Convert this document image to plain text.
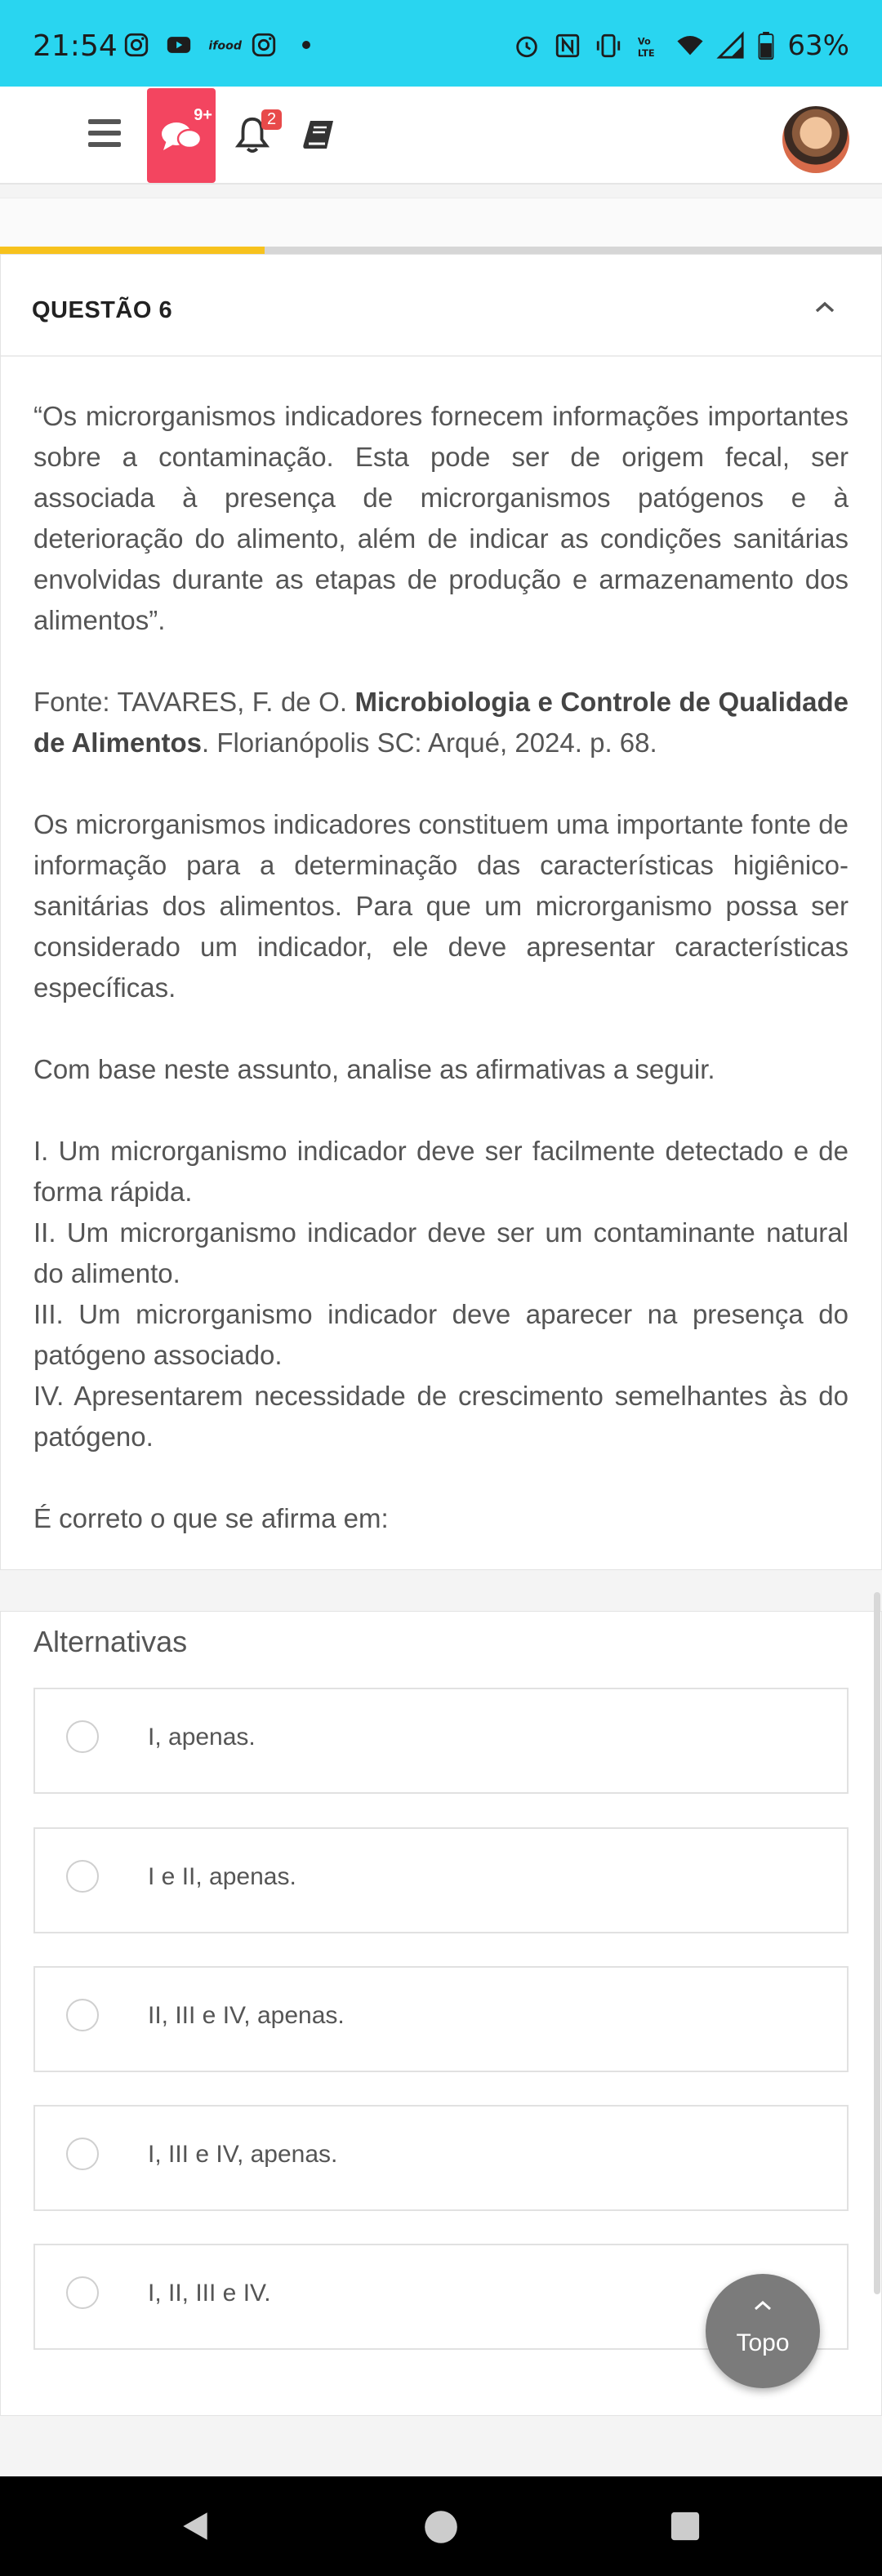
21:54	ifood	Vo
LTE	63%
9+	2
QUESTÃO 6

“Os microrganismos indicadores fornecem informações importantes sobre a contaminação. Esta pode ser de origem fecal, ser associada à presença de microrganismos patógenos e à deterioração do alimento, além de indicar as condições sanitárias envolvidas durante as etapas de produção e armazenamento dos alimentos”.

Fonte: TAVARES, F. de O. Microbiologia e Controle de Qualidade de Alimentos. Florianópolis SC: Arqué, 2024. p. 68.

Os microrganismos indicadores constituem uma importante fonte de informação para a determinação das características higiênico-sanitárias dos alimentos. Para que um microrganismo possa ser considerado um indicador, ele deve apresentar características específicas.

Com base neste assunto, analise as afirmativas a seguir.

I. Um microrganismo indicador deve ser facilmente detectado e de forma rápida.

II. Um microrganismo indicador deve ser um contaminante natural do alimento.

III. Um microrganismo indicador deve aparecer na presença do patógeno associado.

IV. Apresentarem necessidade de crescimento semelhantes às do patógeno.

É correto o que se afirma em:

Alternativas
I, apenas.
I e II, apenas.
II, III e IV, apenas.
I, III e IV, apenas.
I, II, III e IV.
Topo
